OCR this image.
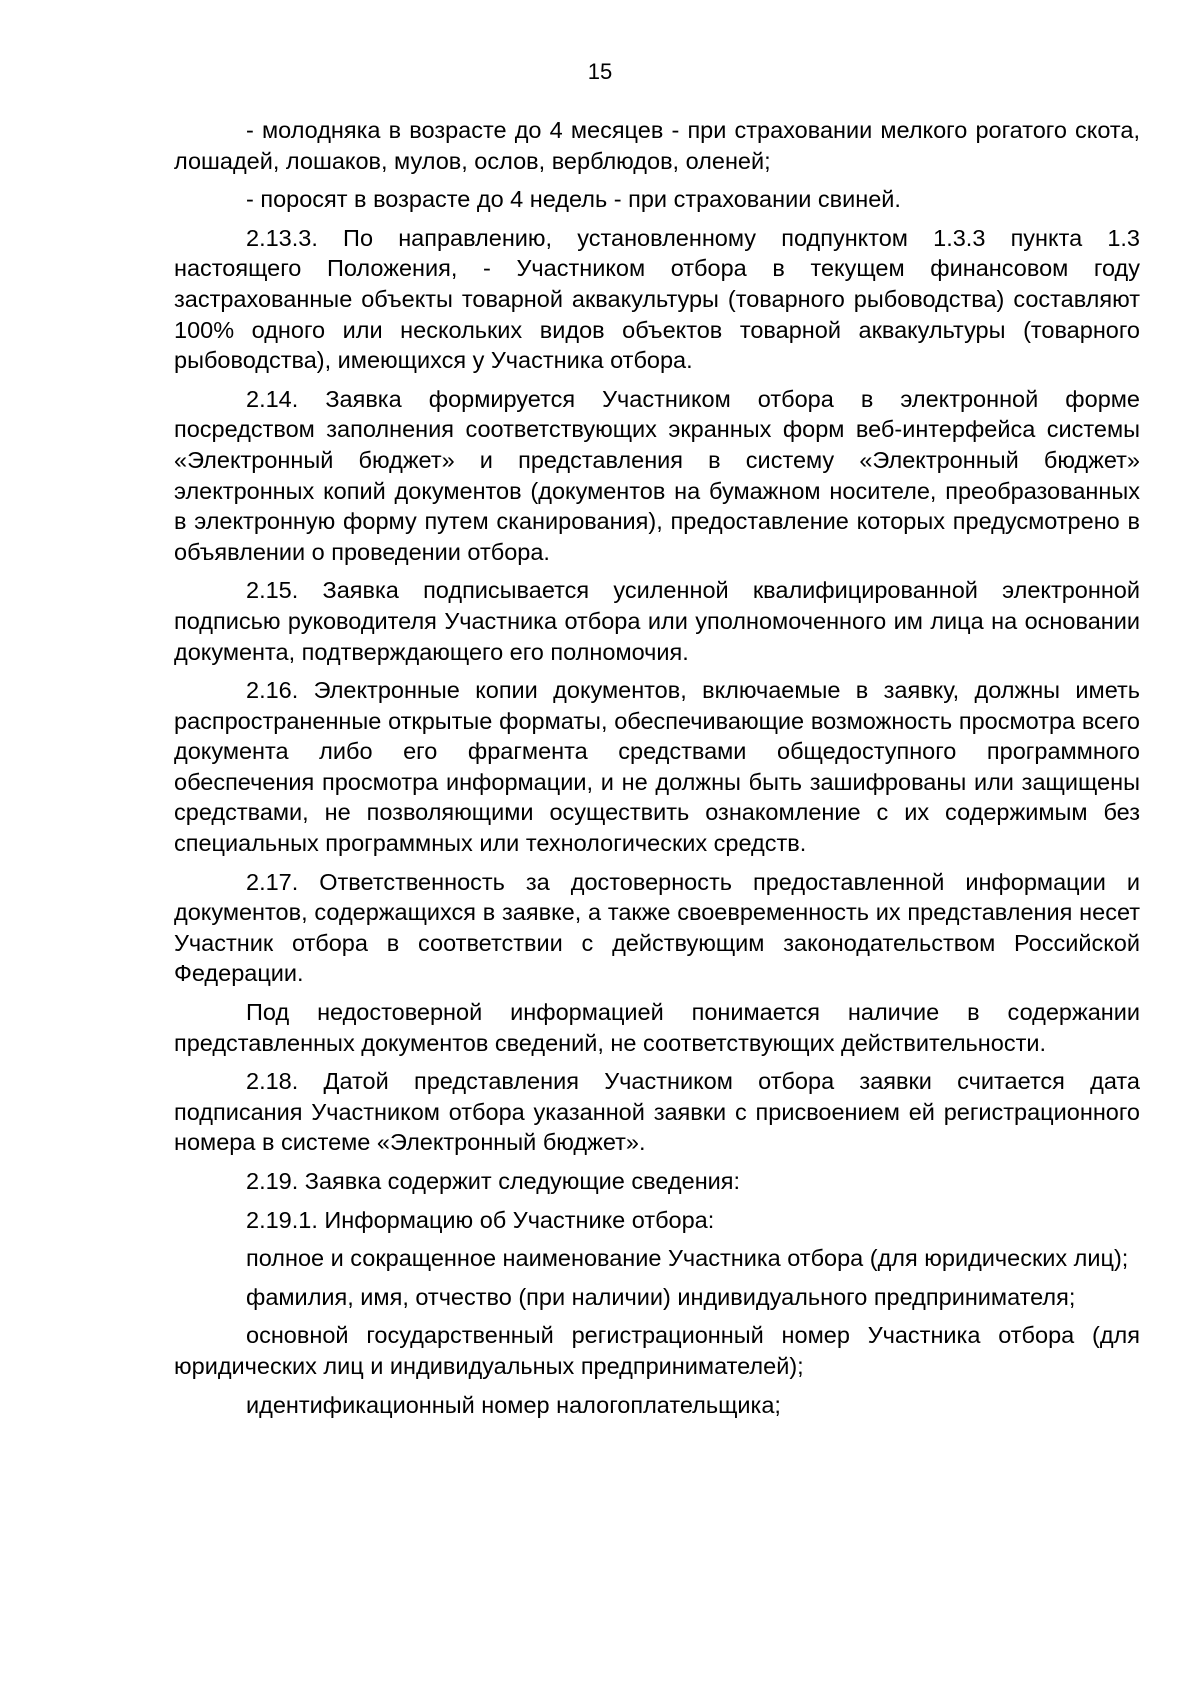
15

- молодняка в возрасте до 4 месяцев - при страховании мелкого рогатого скота, лошадей, лошаков, мулов, ослов, верблюдов, оленей;

- поросят в возрасте до 4 недель - при страховании свиней.

2.13.3. По направлению, установленному подпунктом 1.3.3 пункта 1.3 настоящего Положения, - Участником отбора в текущем финансовом году застрахованные объекты товарной аквакультуры (товарного рыбоводства) составляют 100% одного или нескольких видов объектов товарной аквакультуры (товарного рыбоводства), имеющихся у Участника отбора.

2.14. Заявка формируется Участником отбора в электронной форме посредством заполнения соответствующих экранных форм веб-интерфейса системы «Электронный бюджет» и представления в систему «Электронный бюджет» электронных копий документов (документов на бумажном носителе, преобразованных в электронную форму путем сканирования), предоставление которых предусмотрено в объявлении о проведении отбора.

2.15. Заявка подписывается усиленной квалифицированной электронной подписью руководителя Участника отбора или уполномоченного им лица на основании документа, подтверждающего его полномочия.

2.16. Электронные копии документов, включаемые в заявку, должны иметь распространенные открытые форматы, обеспечивающие возможность просмотра всего документа либо его фрагмента средствами общедоступного программного обеспечения просмотра информации, и не должны быть зашифрованы или защищены средствами, не позволяющими осуществить ознакомление с их содержимым без специальных программных или технологических средств.

2.17. Ответственность за достоверность предоставленной информации и документов, содержащихся в заявке, а также своевременность их представления несет Участник отбора в соответствии с действующим законодательством Российской Федерации.

Под недостоверной информацией понимается наличие в содержании представленных документов сведений, не соответствующих действительности.

2.18. Датой представления Участником отбора заявки считается дата подписания Участником отбора указанной заявки с присвоением ей регистрационного номера в системе «Электронный бюджет».

2.19. Заявка содержит следующие сведения:

2.19.1. Информацию об Участнике отбора:

полное и сокращенное наименование Участника отбора (для юридических лиц);

фамилия, имя, отчество (при наличии) индивидуального предпринимателя;

основной государственный регистрационный номер Участника отбора (для юридических лиц и индивидуальных предпринимателей);

идентификационный номер налогоплательщика;
